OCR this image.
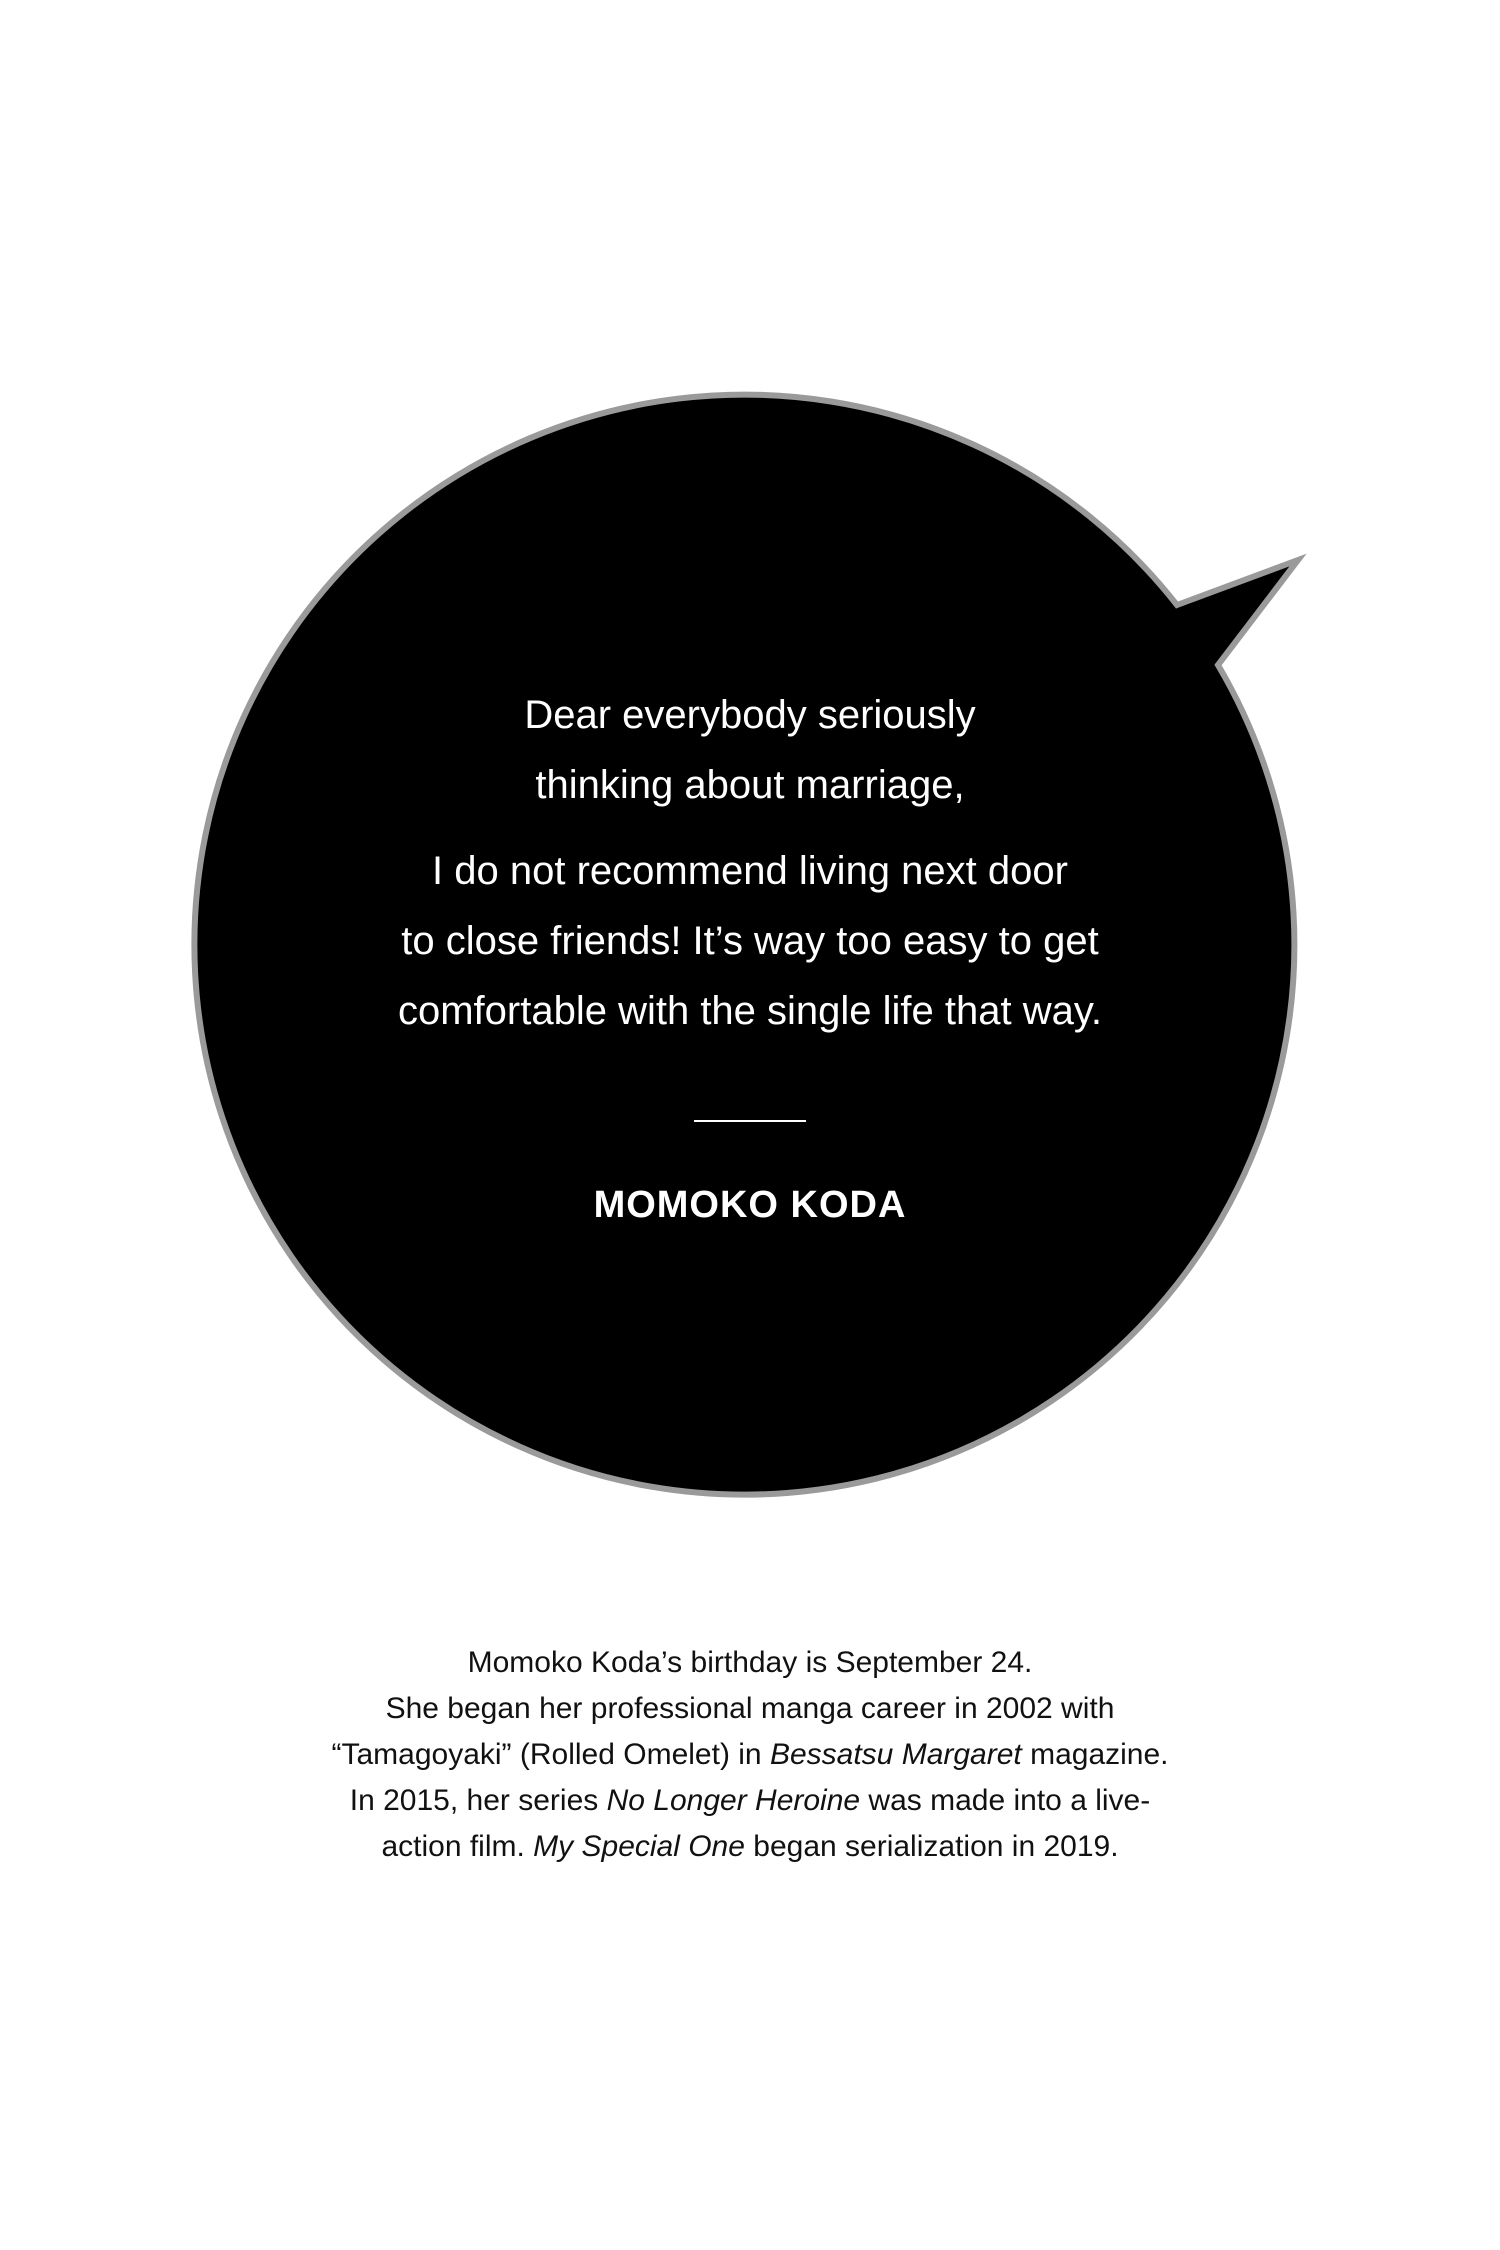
Dear everybody seriously

thinking about marriage,

I do not recommend living next door

to close friends! It’s way too easy to get

comfortable with the single life that way.

MOMOKO KODA

Momoko Koda’s birthday is September 24.

She began her professional manga career in 2002 with

“Tamagoyaki” (Rolled Omelet) in Bessatsu Margaret magazine.

In 2015, her series No Longer Heroine was made into a live-

action film. My Special One began serialization in 2019.
